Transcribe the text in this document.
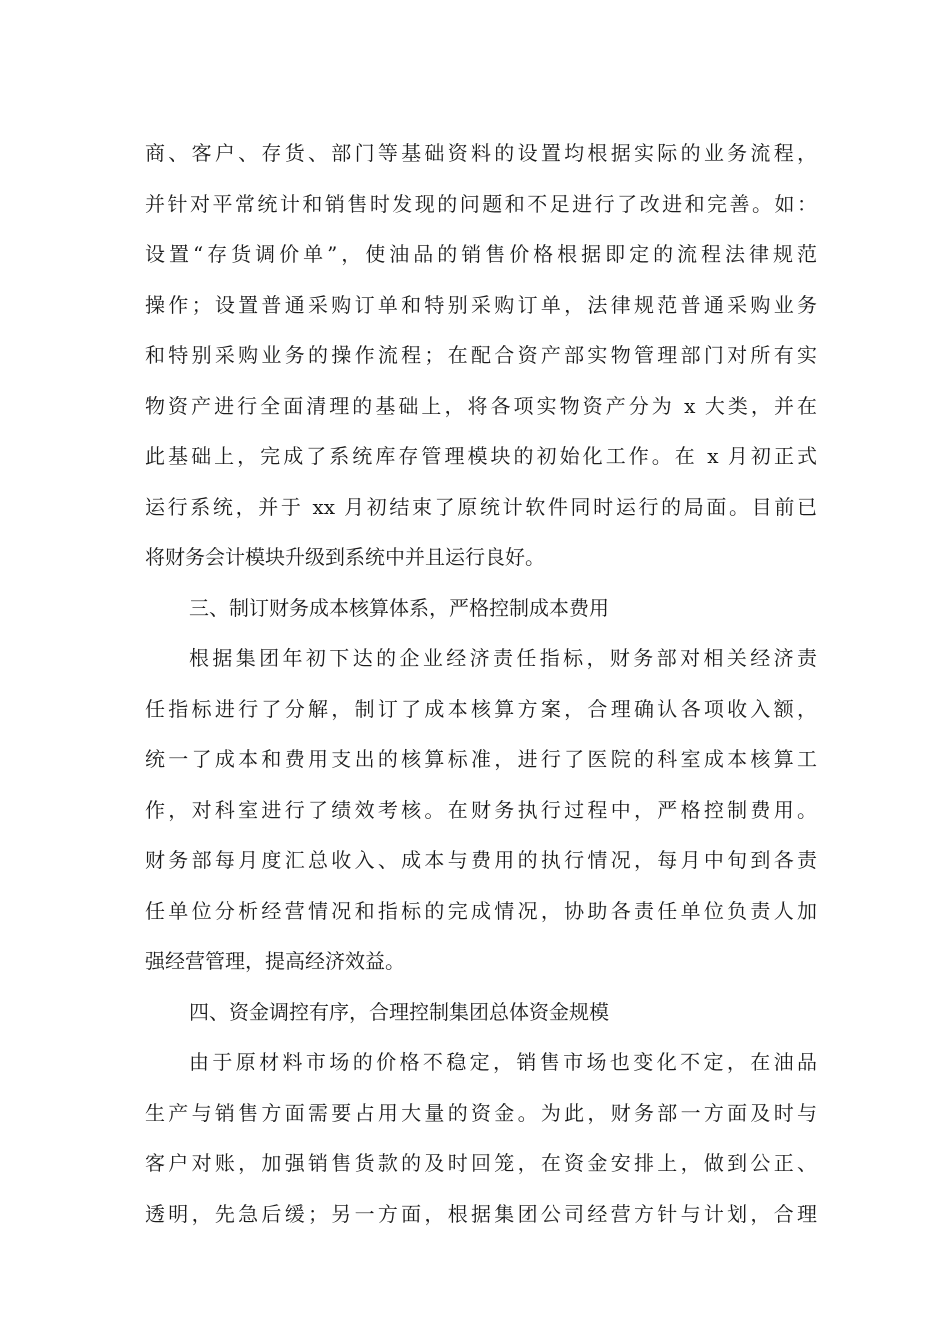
商、客户、存货、部门等基础资料的设置均根据实际的业务流程，
并针对平常统计和销售时发现的问题和不足进行了改进和完善。如：
设置“存货调价单”，使油品的销售价格根据即定的流程法律规范
操作；设置普通采购订单和特别采购订单，法律规范普通采购业务
和特别采购业务的操作流程；在配合资产部实物管理部门对所有实
物资产进行全面清理的基础上，将各项实物资产分为 x 大类，并在
此基础上，完成了系统库存管理模块的初始化工作。在 x 月初正式
运行系统，并于 xx 月初结束了原统计软件同时运行的局面。目前已
将财务会计模块升级到系统中并且运行良好。
三、制订财务成本核算体系，严格控制成本费用
根据集团年初下达的企业经济责任指标，财务部对相关经济责
任指标进行了分解，制订了成本核算方案，合理确认各项收入额，
统一了成本和费用支出的核算标准，进行了医院的科室成本核算工
作，对科室进行了绩效考核。在财务执行过程中，严格控制费用。
财务部每月度汇总收入、成本与费用的执行情况，每月中旬到各责
任单位分析经营情况和指标的完成情况，协助各责任单位负责人加
强经营管理，提高经济效益。
四、资金调控有序，合理控制集团总体资金规模
由于原材料市场的价格不稳定，销售市场也变化不定，在油品
生产与销售方面需要占用大量的资金。为此，财务部一方面及时与
客户对账，加强销售货款的及时回笼，在资金安排上，做到公正、
透明，先急后缓；另一方面，根据集团公司经营方针与计划，合理
